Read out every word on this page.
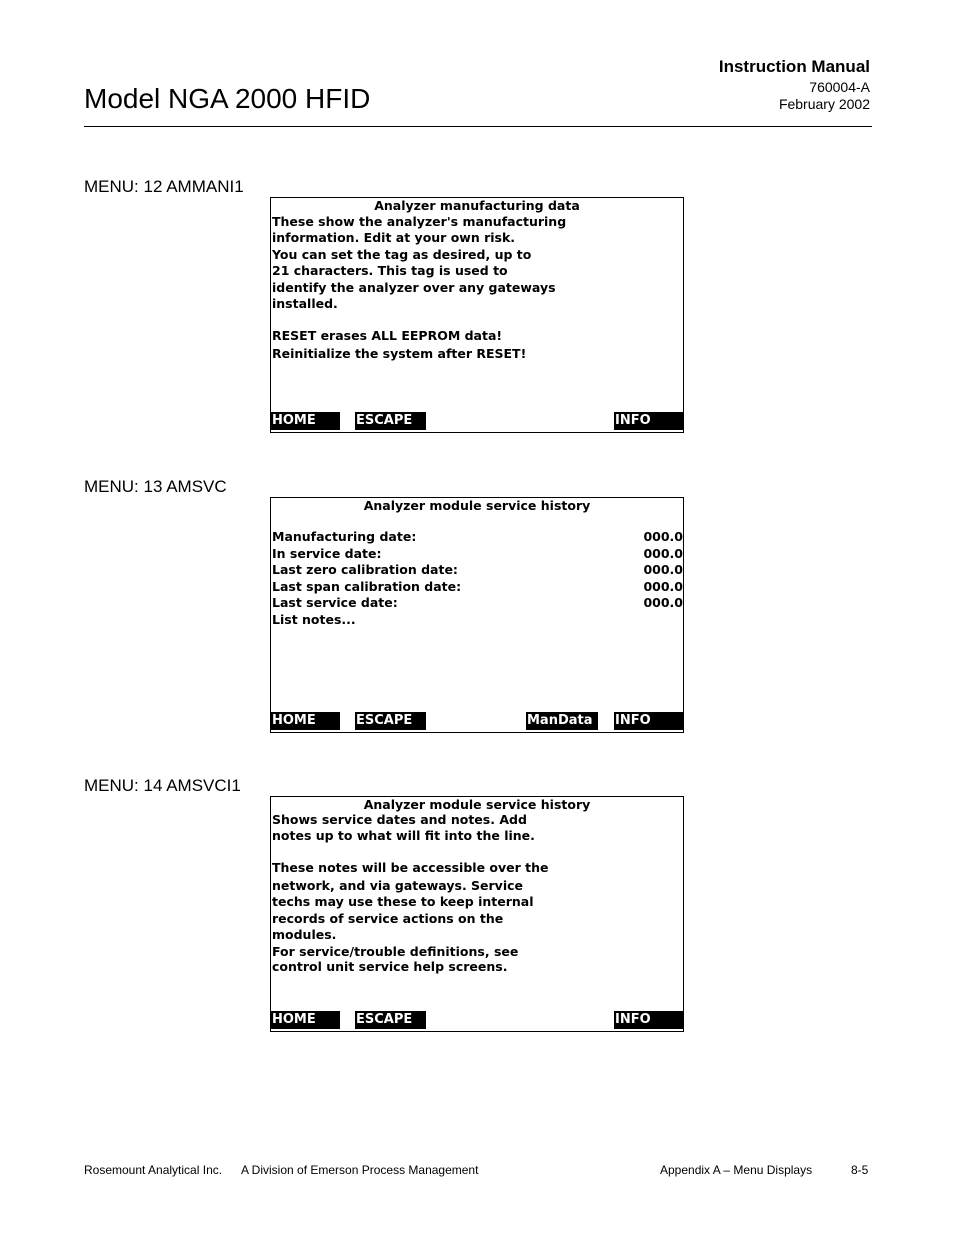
Instruction Manual
760004-A
February 2002
Model NGA 2000 HFID
MENU: 12 AMMANI1
Analyzer manufacturing data
These show the analyzer's manufacturing
information. Edit at your own risk.
You can set the tag as desired, up to
21 characters. This tag is used to
identify the analyzer over any gateways
installed.
RESET erases ALL EEPROM data!
Reinitialize the system after RESET!
HOME	ESCAPE	INFO
MENU: 13 AMSVC
Analyzer module service history
Manufacturing date:	000.0
In service date:	000.0
Last zero calibration date:	000.0
Last span calibration date:	000.0
Last service date:	000.0
List notes...
HOME	ESCAPE	ManData	INFO
MENU: 14 AMSVCI1
Analyzer module service history
Shows service dates and notes. Add
notes up to what will fit into the line.
These notes will be accessible over the
network, and via gateways. Service
techs may use these to keep internal
records of service actions on the
modules.
For service/trouble definitions, see
control unit service help screens.
HOME	ESCAPE	INFO
Rosemount Analytical Inc. A Division of Emerson Process Management	Appendix A – Menu Displays	8-5
